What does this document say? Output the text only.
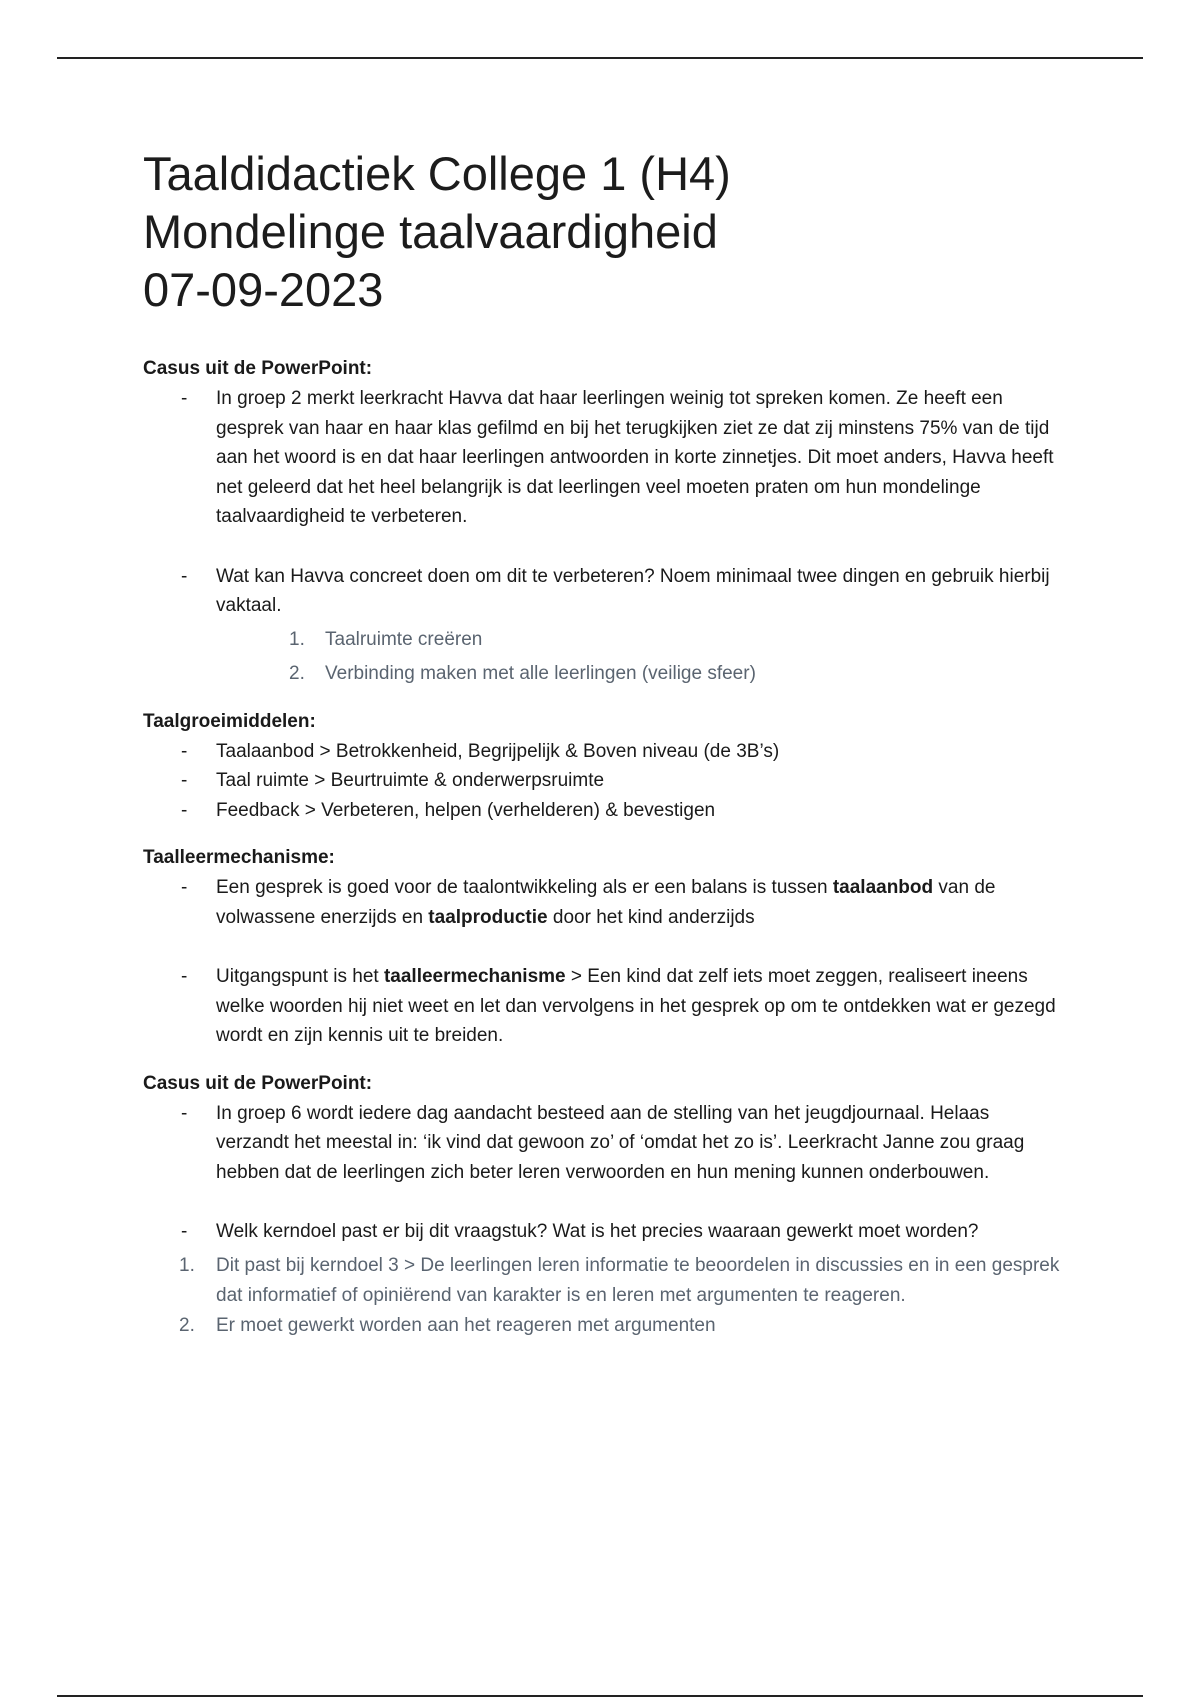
Taaldidactiek College 1 (H4)

Mondelinge taalvaardigheid

07-09-2023

Casus uit de PowerPoint:

- In groep 2 merkt leerkracht Havva dat haar leerlingen weinig tot spreken komen. Ze heeft een gesprek van haar en haar klas gefilmd en bij het terugkijken ziet ze dat zij minstens 75% van de tijd aan het woord is en dat haar leerlingen antwoorden in korte zinnetjes. Dit moet anders, Havva heeft net geleerd dat het heel belangrijk is dat leerlingen veel moeten praten om hun mondelinge taalvaardigheid te verbeteren.
- Wat kan Havva concreet doen om dit te verbeteren? Noem minimaal twee dingen en gebruik hierbij vaktaal.
1. Taalruimte creëren
2. Verbinding maken met alle leerlingen (veilige sfeer)

Taalgroeimiddelen:

- Taalaanbod > Betrokkenheid, Begrijpelijk & Boven niveau (de 3B’s)
- Taal ruimte > Beurtruimte & onderwerpsruimte
- Feedback > Verbeteren, helpen (verhelderen) & bevestigen

Taalleermechanisme:

- Een gesprek is goed voor de taalontwikkeling als er een balans is tussen taalaanbod van de volwassene enerzijds en taalproductie door het kind anderzijds
- Uitgangspunt is het taalleermechanisme > Een kind dat zelf iets moet zeggen, realiseert ineens welke woorden hij niet weet en let dan vervolgens in het gesprek op om te ontdekken wat er gezegd wordt en zijn kennis uit te breiden.

Casus uit de PowerPoint:

- In groep 6 wordt iedere dag aandacht besteed aan de stelling van het jeugdjournaal. Helaas verzandt het meestal in: ‘ik vind dat gewoon zo’ of ‘omdat het zo is’. Leerkracht Janne zou graag hebben dat de leerlingen zich beter leren verwoorden en hun mening kunnen onderbouwen.
- Welk kerndoel past er bij dit vraagstuk? Wat is het precies waaraan gewerkt moet worden?
1. Dit past bij kerndoel 3 > De leerlingen leren informatie te beoordelen in discussies en in een gesprek dat informatief of opiniërend van karakter is en leren met argumenten te reageren.
2. Er moet gewerkt worden aan het reageren met argumenten
